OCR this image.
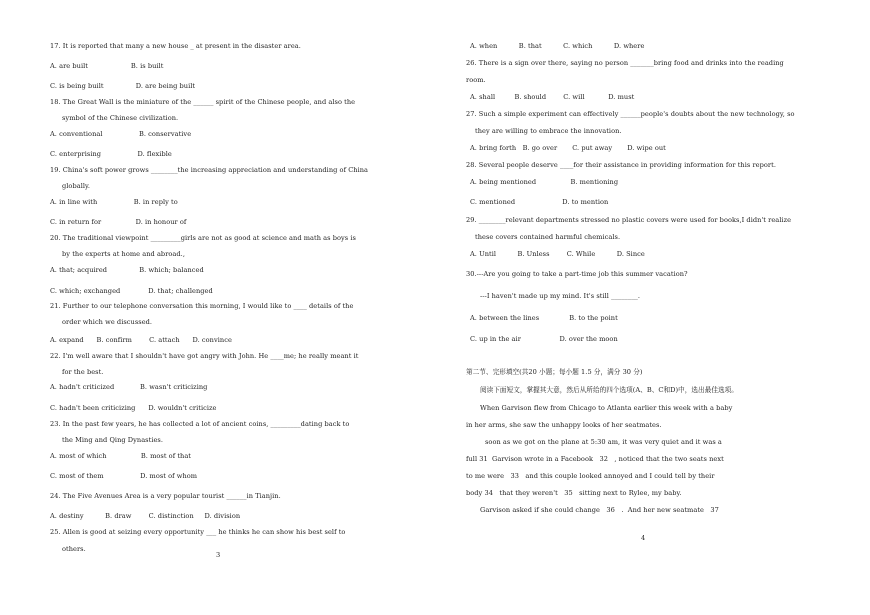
17. It is reported that many a new house _ at present in the disaster area.
A. are built                    B. is built
C. is being built               D. are being built
18. The Great Wall is the miniature of the ______ spirit of the Chinese people, and also the
symbol of the Chinese civilization.
A. conventional                 B. conservative
C. enterprising                 D. flexible
19. China's soft power grows ________the increasing appreciation and understanding of China
globally.
A. in line with                 B. in reply to
C. in return for                D. in honour of
20. The traditional viewpoint _________girls are not as good at science and math as boys is
by the experts at home and abroad.,
A. that; acquired               B. which; balanced
C. which; exchanged             D. that; challenged
21. Further to our telephone conversation this morning, I would like to ____ details of the
order which we discussed.
A. expand      B. confirm        C. attach      D. convince
22. I'm well aware that I shouldn't have got angry with John. He ____me; he really meant it
for the best.
A. hadn't criticized            B. wasn't criticizing
C. hadn't been criticizing      D. wouldn't criticize
23. In the past few years, he has collected a lot of ancient coins, _________dating back to
the Ming and Qing Dynasties.
A. most of which                B. most of that
C. most of them                 D. most of whom
24. The Five Avenues Area is a very popular tourist ______in Tianjin.
A. destiny          B. draw        C. distinction     D. division
25. Allen is good at seizing every opportunity ___ he thinks he can show his best self to
others.
3
A. when          B. that          C. which          D. where
26. There is a sign over there, saying no person _______bring food and drinks into the reading
room.
A. shall         B. should        C. will           D. must
27. Such a simple experiment can effectively ______people's doubts about the new technology, so
they are willing to embrace the innovation.
A. bring forth   B. go over       C. put away       D. wipe out
28. Several people deserve ____for their assistance in providing information for this report.
A. being mentioned                B. mentioning
C. mentioned                      D. to mention
29. ________relevant departments stressed no plastic covers were used for books,I didn't realize
these covers contained harmful chemicals.
A. Until          B. Unless        C. While          D. Since
30.---Are you going to take a part-time job this summer vacation?
---I haven't made up my mind. It's still ________.
A. between the lines              B. to the point
C. up in the air                  D. over the moon
第二节、完形填空(共20 小题；每小题 1.5 分，满分 30 分)
阅读下面短文，掌握其大意，然后从所给的四个选项(A、B、C和D)中，选出最佳选项。
When Garvison flew from Chicago to Atlanta earlier this week with a baby
in her arms, she saw the unhappy looks of her seatmates.
soon as we got on the plane at 5:30 am, it was very quiet and it was a
full 31  Garvison wrote in a Facebook   32   , noticed that the two seats next
to me were   33   and this couple looked annoyed and I could tell by their
body 34   that they weren't   35   sitting next to Rylee, my baby.
Garvison asked if she could change   36   .  And her new seatmate   37
4
